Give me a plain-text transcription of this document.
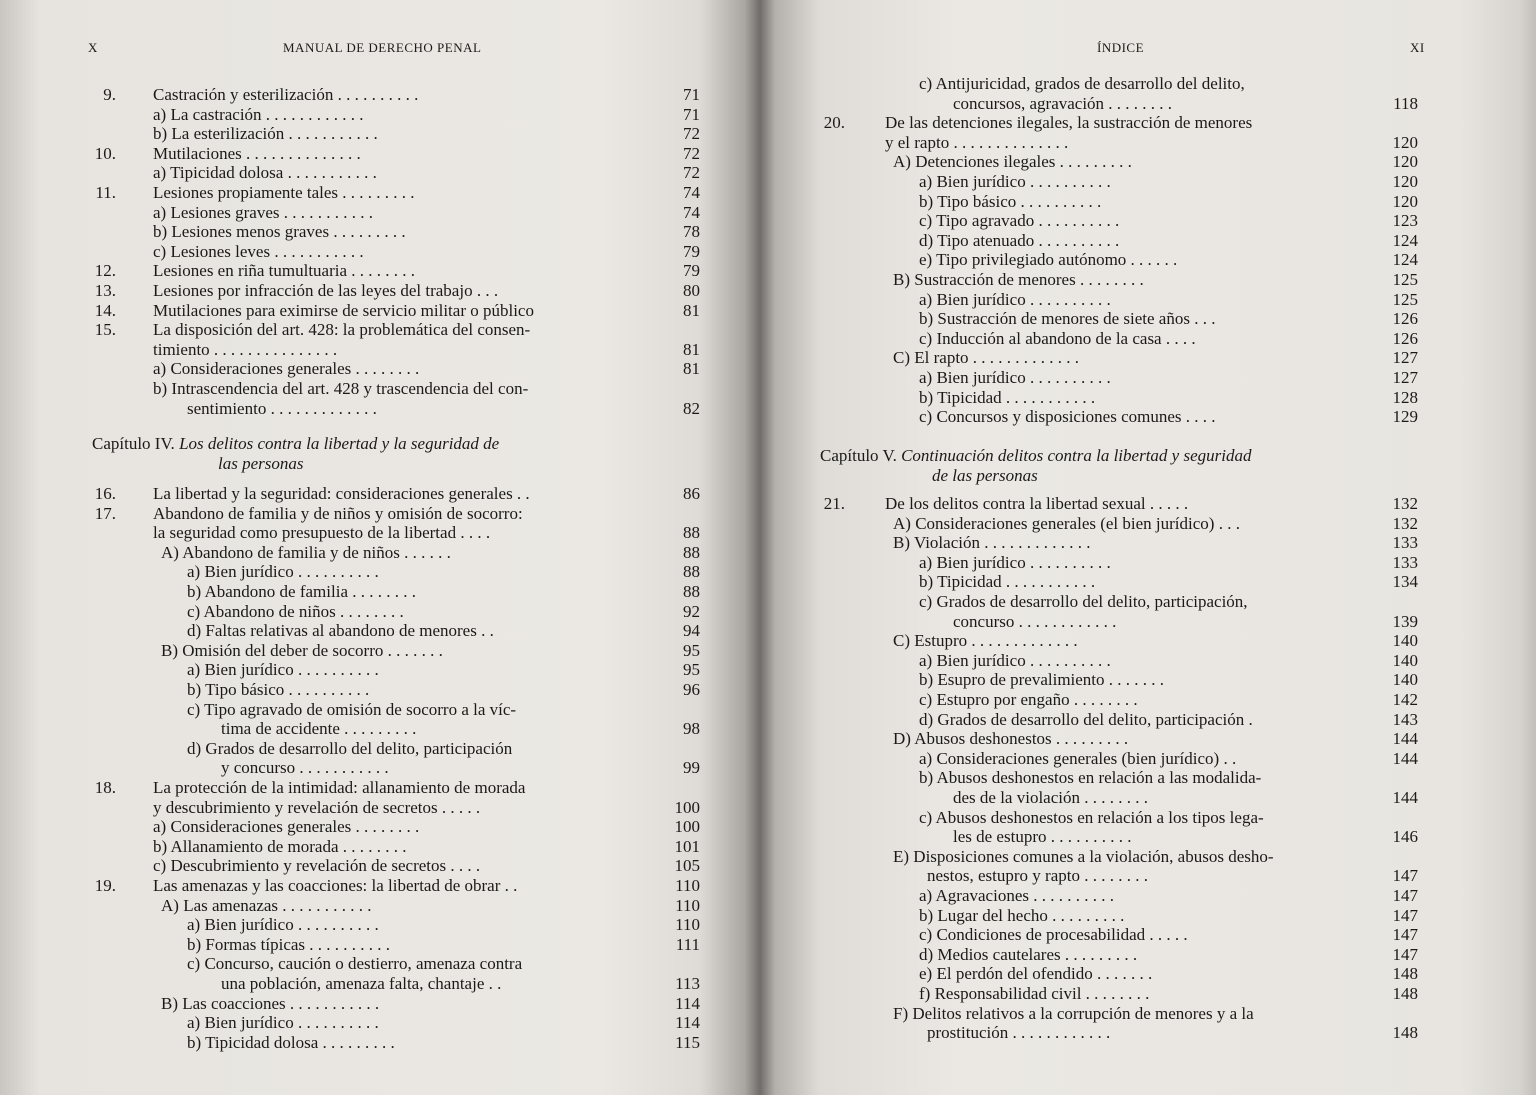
X	MANUAL DE DERECHO PENAL
9. Castración y esterilización . . . . . . . . . .	71
a) La castración . . . . . . . . . . . .	71
b) La esterilización . . . . . . . . . . .	72
10. Mutilaciones . . . . . . . . . . . . . .	72
a) Tipicidad dolosa . . . . . . . . . . .	72
11. Lesiones propiamente tales . . . . . . . . .	74
a) Lesiones graves . . . . . . . . . . .	74
b) Lesiones menos graves . . . . . . . . .	78
c) Lesiones leves . . . . . . . . . . .	79
12. Lesiones en riña tumultuaria . . . . . . . .	79
13. Lesiones por infracción de las leyes del trabajo . . .	80
14. Mutilaciones para eximirse de servicio militar o público	81
15. La disposición del art. 428: la problemática del consen-
timiento . . . . . . . . . . . . . . .	81
a) Consideraciones generales . . . . . . . .	81
b) Intrascendencia del art. 428 y trascendencia del con-
sentimiento . . . . . . . . . . . . .	82
16. La libertad y la seguridad: consideraciones generales . .	86
17. Abandono de familia y de niños y omisión de socorro:
la seguridad como presupuesto de la libertad . . . .	88
A) Abandono de familia y de niños . . . . . .	88
a) Bien jurídico . . . . . . . . . .	88
b) Abandono de familia . . . . . . . .	88
c) Abandono de niños . . . . . . . .	92
d) Faltas relativas al abandono de menores . .	94
B) Omisión del deber de socorro . . . . . . .	95
a) Bien jurídico . . . . . . . . . .	95
b) Tipo básico . . . . . . . . . .	96
c) Tipo agravado de omisión de socorro a la víc-
tima de accidente . . . . . . . . .	98
d) Grados de desarrollo del delito, participación
y concurso . . . . . . . . . . .	99
18. La protección de la intimidad: allanamiento de morada
y descubrimiento y revelación de secretos . . . . .	100
a) Consideraciones generales . . . . . . . .	100
b) Allanamiento de morada . . . . . . . .	101
c) Descubrimiento y revelación de secretos . . . .	105
19. Las amenazas y las coacciones: la libertad de obrar . .	110
A) Las amenazas . . . . . . . . . . .	110
a) Bien jurídico . . . . . . . . . .	110
b) Formas típicas . . . . . . . . . .	111
c) Concurso, caución o destierro, amenaza contra
una población, amenaza falta, chantaje . .	113
B) Las coacciones . . . . . . . . . . .	114
a) Bien jurídico . . . . . . . . . .	114
b) Tipicidad dolosa . . . . . . . . .	115
Capítulo IV. Los delitos contra la libertad y la seguridad de
las personas
ÍNDICE	XI
c) Antijuricidad, grados de desarrollo del delito,
concursos, agravación . . . . . . . .	118
20. De las detenciones ilegales, la sustracción de menores
y el rapto . . . . . . . . . . . . . .	120
A) Detenciones ilegales . . . . . . . . .	120
a) Bien jurídico . . . . . . . . . .	120
b) Tipo básico . . . . . . . . . .	120
c) Tipo agravado . . . . . . . . . .	123
d) Tipo atenuado . . . . . . . . . .	124
e) Tipo privilegiado autónomo . . . . . .	124
B) Sustracción de menores . . . . . . . .	125
a) Bien jurídico . . . . . . . . . .	125
b) Sustracción de menores de siete años . . .	126
c) Inducción al abandono de la casa . . . .	126
C) El rapto . . . . . . . . . . . . .	127
a) Bien jurídico . . . . . . . . . .	127
b) Tipicidad . . . . . . . . . . .	128
c) Concursos y disposiciones comunes . . . .	129
21. De los delitos contra la libertad sexual . . . . .	132
A) Consideraciones generales (el bien jurídico) . . .	132
B) Violación . . . . . . . . . . . . .	133
a) Bien jurídico . . . . . . . . . .	133
b) Tipicidad . . . . . . . . . . .	134
c) Grados de desarrollo del delito, participación,
concurso . . . . . . . . . . . .	139
C) Estupro . . . . . . . . . . . . .	140
a) Bien jurídico . . . . . . . . . .	140
b) Esupro de prevalimiento . . . . . . .	140
c) Estupro por engaño . . . . . . . .	142
d) Grados de desarrollo del delito, participación .	143
D) Abusos deshonestos . . . . . . . . .	144
a) Consideraciones generales (bien jurídico) . .	144
b) Abusos deshonestos en relación a las modalida-
des de la violación . . . . . . . .	144
c) Abusos deshonestos en relación a los tipos lega-
les de estupro . . . . . . . . . .	146
E) Disposiciones comunes a la violación, abusos desho-
nestos, estupro y rapto . . . . . . . .	147
a) Agravaciones . . . . . . . . . .	147
b) Lugar del hecho . . . . . . . . .	147
c) Condiciones de procesabilidad . . . . .	147
d) Medios cautelares . . . . . . . . .	147
e) El perdón del ofendido . . . . . . .	148
f) Responsabilidad civil . . . . . . . .	148
F) Delitos relativos a la corrupción de menores y a la
prostitución . . . . . . . . . . . .	148
Capítulo V. Continuación delitos contra la libertad y seguridad
de las personas
